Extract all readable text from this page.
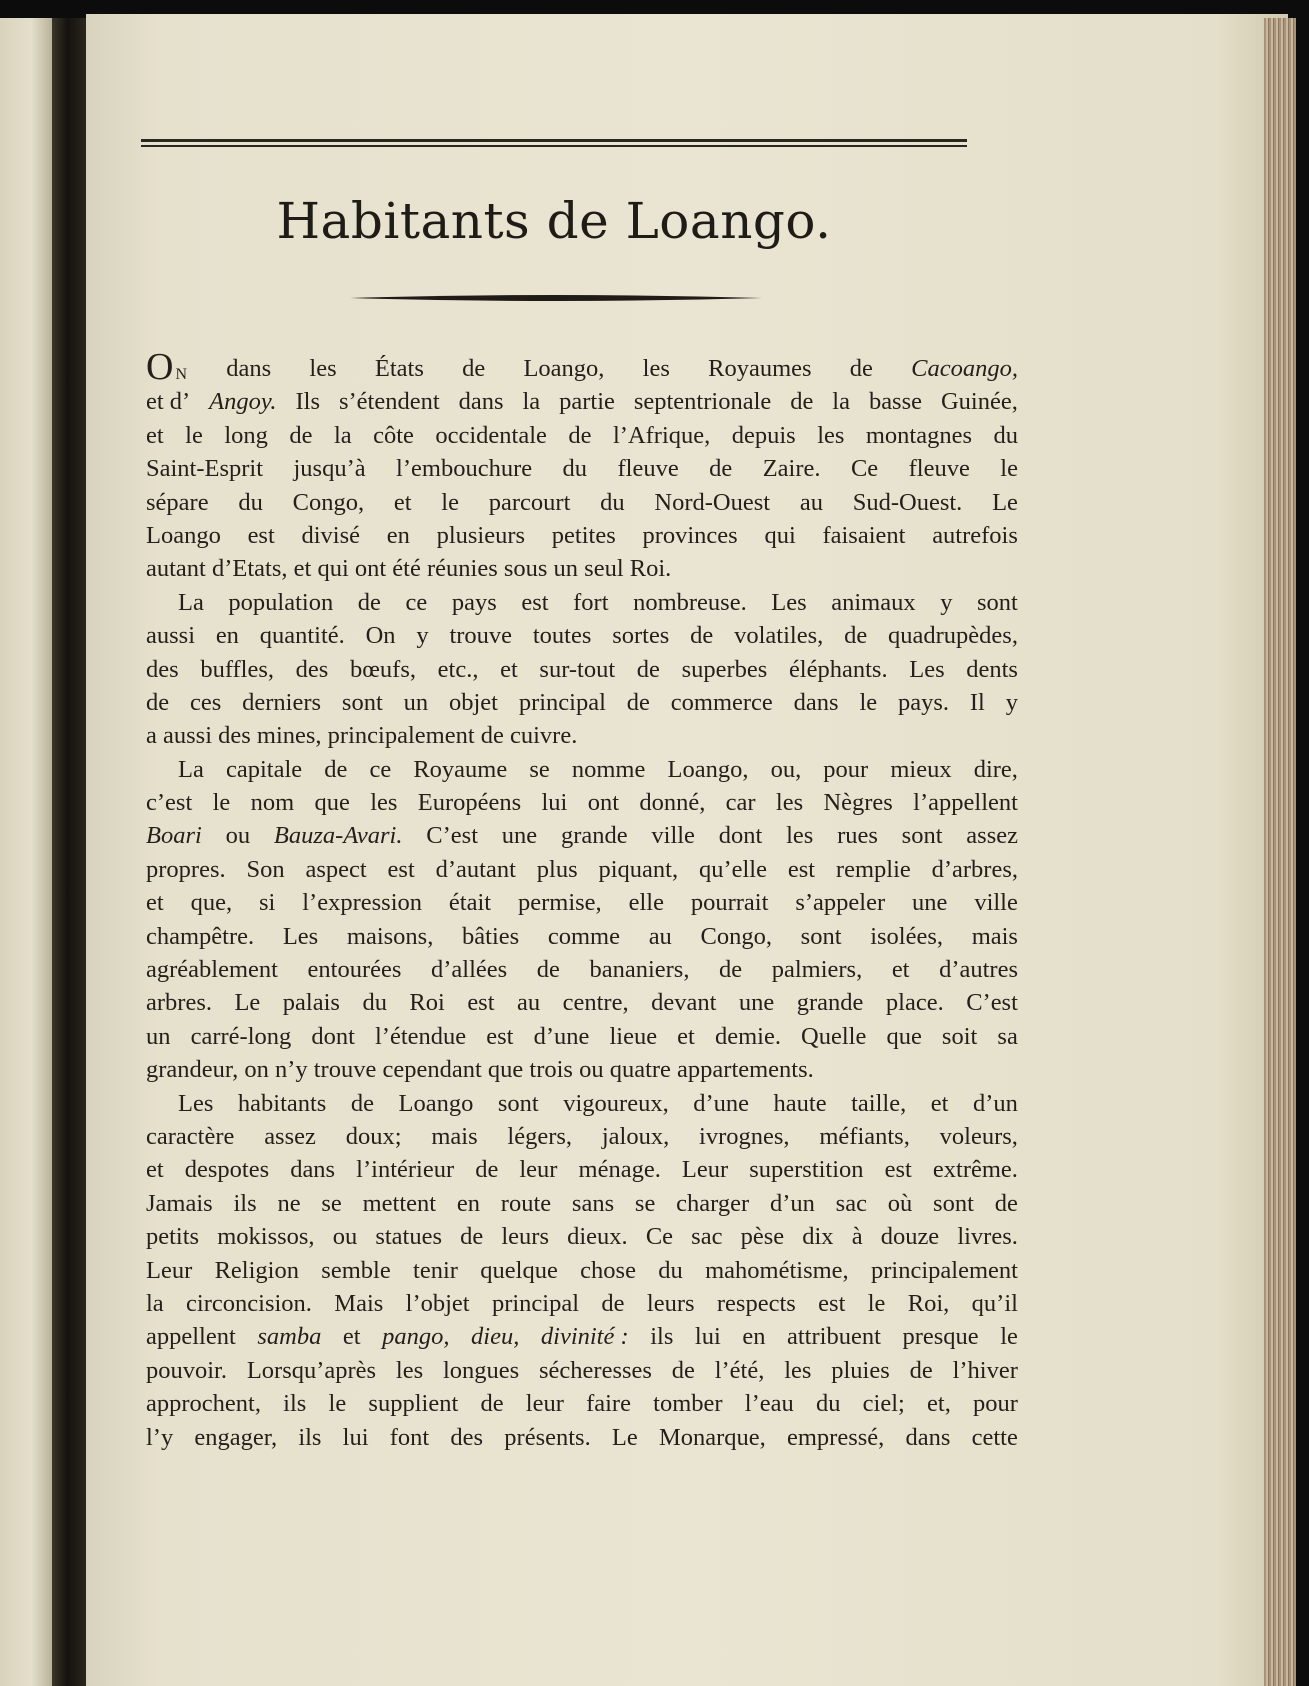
Habitants de Loango.
O N dans les États de Loango, les Royaumes de Cacoango,
et d’ Angoy. Ils s’étendent dans la partie septentrionale de la basse Guinée,
et le long de la côte occidentale de l’Afrique, depuis les montagnes du
Saint-Esprit jusqu’à l’embouchure du fleuve de Zaire. Ce fleuve le
sépare du Congo, et le parcourt du Nord-Ouest au Sud-Ouest. Le
Loango est divisé en plusieurs petites provinces qui faisaient autrefois
autant d’Etats, et qui ont été réunies sous un seul Roi.
La population de ce pays est fort nombreuse. Les animaux y sont
aussi en quantité. On y trouve toutes sortes de volatiles, de quadrupèdes,
des buffles, des bœufs, etc., et sur-tout de superbes éléphants. Les dents
de ces derniers sont un objet principal de commerce dans le pays. Il y
a aussi des mines, principalement de cuivre.
La capitale de ce Royaume se nomme Loango, ou, pour mieux dire,
c’est le nom que les Européens lui ont donné, car les Nègres l’appellent
Boari ou Bauza-Avari. C’est une grande ville dont les rues sont assez
propres. Son aspect est d’autant plus piquant, qu’elle est remplie d’arbres,
et que, si l’expression était permise, elle pourrait s’appeler une ville
champêtre. Les maisons, bâties comme au Congo, sont isolées, mais
agréablement entourées d’allées de bananiers, de palmiers, et d’autres
arbres. Le palais du Roi est au centre, devant une grande place. C’est
un carré-long dont l’étendue est d’une lieue et demie. Quelle que soit sa
grandeur, on n’y trouve cependant que trois ou quatre appartements.
Les habitants de Loango sont vigoureux, d’une haute taille, et d’un
caractère assez doux; mais légers, jaloux, ivrognes, méfiants, voleurs,
et despotes dans l’intérieur de leur ménage. Leur superstition est extrême.
Jamais ils ne se mettent en route sans se charger d’un sac où sont de
petits mokissos, ou statues de leurs dieux. Ce sac pèse dix à douze livres.
Leur Religion semble tenir quelque chose du mahométisme, principalement
la circoncision. Mais l’objet principal de leurs respects est le Roi, qu’il
appellent samba et pango, dieu, divinité : ils lui en attribuent presque le
pouvoir. Lorsqu’après les longues sécheresses de l’été, les pluies de l’hiver
approchent, ils le supplient de leur faire tomber l’eau du ciel; et, pour
l’y engager, ils lui font des présents. Le Monarque, empressé, dans cette
